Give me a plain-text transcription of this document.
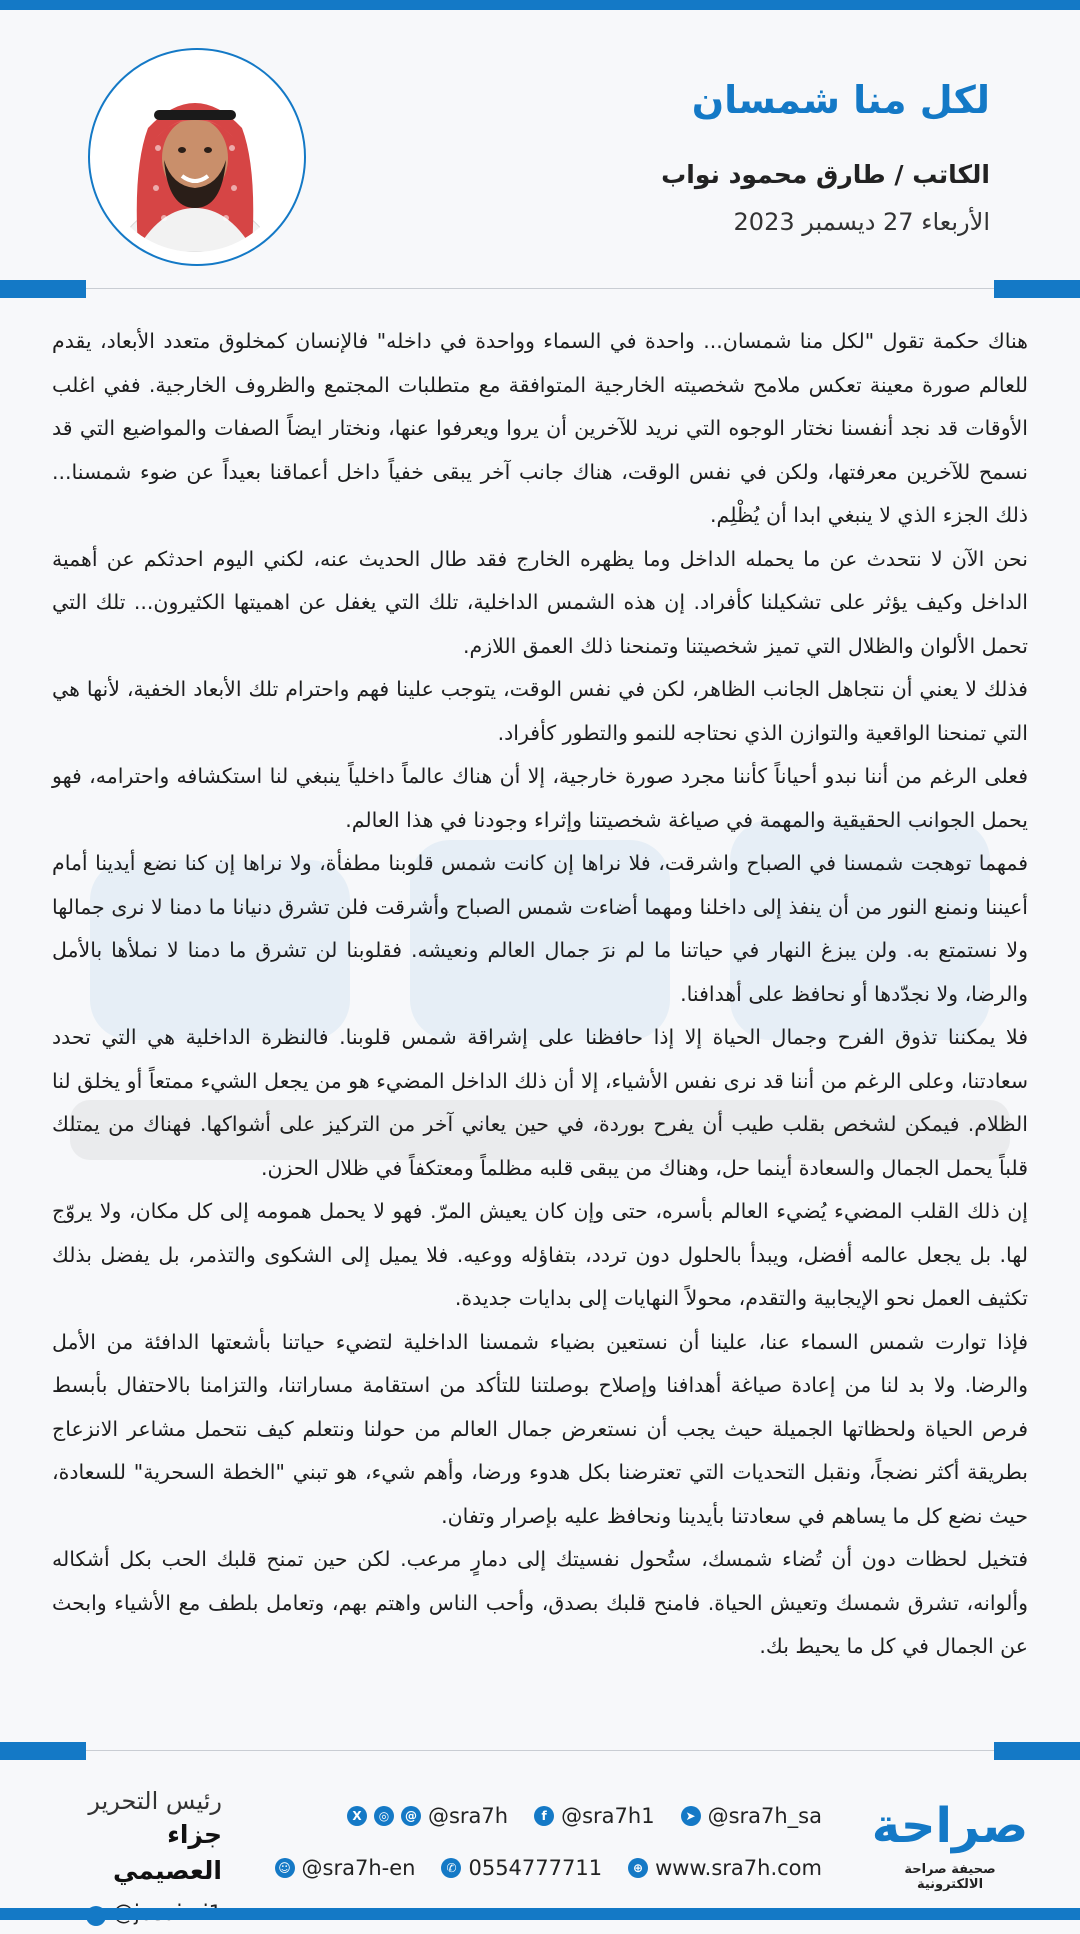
لكل منا شمسان
الكاتب / طارق محمود نواب
الأربعاء 27 ديسمبر 2023

هناك حكمة تقول "لكل منا شمسان... واحدة في السماء وواحدة في داخله" فالإنسان كمخلوق متعدد الأبعاد، يقدم للعالم صورة معينة تعكس ملامح شخصيته الخارجية المتوافقة مع متطلبات المجتمع والظروف الخارجية. ففي اغلب الأوقات قد نجد أنفسنا نختار الوجوه التي نريد للآخرين أن يروا ويعرفوا عنها، ونختار ايضاً الصفات والمواضيع التي قد نسمح للآخرين معرفتها، ولكن في نفس الوقت، هناك جانب آخر يبقى خفياً داخل أعماقنا بعيداً عن ضوء شمسنا... ذلك الجزء الذي لا ينبغي ابدا أن يُظْلِم.

نحن الآن لا نتحدث عن ما يحمله الداخل وما يظهره الخارج فقد طال الحديث عنه، لكني اليوم احدثكم عن أهمية الداخل وكيف يؤثر على تشكيلنا كأفراد. إن هذه الشمس الداخلية، تلك التي يغفل عن اهميتها الكثيرون... تلك التي تحمل الألوان والظلال التي تميز شخصيتنا وتمنحنا ذلك العمق اللازم.

فذلك لا يعني أن نتجاهل الجانب الظاهر، لكن في نفس الوقت، يتوجب علينا فهم واحترام تلك الأبعاد الخفية، لأنها هي التي تمنحنا الواقعية والتوازن الذي نحتاجه للنمو والتطور كأفراد.

فعلى الرغم من أننا نبدو أحياناً كأننا مجرد صورة خارجية، إلا أن هناك عالماً داخلياً ينبغي لنا استكشافه واحترامه، فهو يحمل الجوانب الحقيقية والمهمة في صياغة شخصيتنا وإثراء وجودنا في هذا العالم.

فمهما توهجت شمسنا في الصباح واشرقت، فلا نراها إن كانت شمس قلوبنا مطفأة، ولا نراها إن كنا نضع أيدينا أمام أعيننا ونمنع النور من أن ينفذ إلى داخلنا ومهما أضاءت شمس الصباح وأشرقت فلن تشرق دنيانا ما دمنا لا نرى جمالها ولا نستمتع به. ولن يبزغ النهار في حياتنا ما لم نرَ جمال العالم ونعيشه. فقلوبنا لن تشرق ما دمنا لا نملأها بالأمل والرضا، ولا نجدّدها أو نحافظ على أهدافنا.

فلا يمكننا تذوق الفرح وجمال الحياة إلا إذا حافظنا على إشراقة شمس قلوبنا. فالنظرة الداخلية هي التي تحدد سعادتنا، وعلى الرغم من أننا قد نرى نفس الأشياء، إلا أن ذلك الداخل المضيء هو من يجعل الشيء ممتعاً أو يخلق لنا الظلام. فيمكن لشخص بقلب طيب أن يفرح بوردة، في حين يعاني آخر من التركيز على أشواكها. فهناك من يمتلك قلباً يحمل الجمال والسعادة أينما حل، وهناك من يبقى قلبه مظلماً ومعتكفاً في ظلال الحزن.

إن ذلك القلب المضيء يُضيء العالم بأسره، حتى وإن كان يعيش المرّ. فهو لا يحمل همومه إلى كل مكان، ولا يروّج لها. بل يجعل عالمه أفضل، ويبدأ بالحلول دون تردد، بتفاؤله ووعيه. فلا يميل إلى الشكوى والتذمر، بل يفضل بذلك تكثيف العمل نحو الإيجابية والتقدم، محولاً النهايات إلى بدايات جديدة.

فإذا توارت شمس السماء عنا، علينا أن نستعين بضياء شمسنا الداخلية لتضيء حياتنا بأشعتها الدافئة من الأمل والرضا. ولا بد لنا من إعادة صياغة أهدافنا وإصلاح بوصلتنا للتأكد من استقامة مساراتنا، والتزامنا بالاحتفال بأبسط فرص الحياة ولحظاتها الجميلة حيث يجب أن نستعرض جمال العالم من حولنا ونتعلم كيف نتحمل مشاعر الانزعاج بطريقة أكثر نضجاً، ونقبل التحديات التي تعترضنا بكل هدوء ورضا، وأهم شيء، هو تبني "الخطة السحرية" للسعادة، حيث نضع كل ما يساهم في سعادتنا بأيدينا ونحافظ عليه بإصرار وتفان.

فتخيل لحظات دون أن تُضاء شمسك، ستُحول نفسيتك إلى دمارٍ مرعب. لكن حين تمنح قلبك الحب بكل أشكاله وألوانه، تشرق شمسك وتعيش الحياة. فامنح قلبك بصدق، وأحب الناس واهتم بهم، وتعامل بلطف مع الأشياء وابحث عن الجمال في كل ما يحيط بك.

رئيس التحرير
جزاء العصيمي
X	◎	@ @sra7h	f @sra7h1	➤ @sra7h_sa
☺ @sra7h-en	✆ 0554777711	⊕ www.sra7h.com
صراحة
صحيفة صراحة الالكترونية
